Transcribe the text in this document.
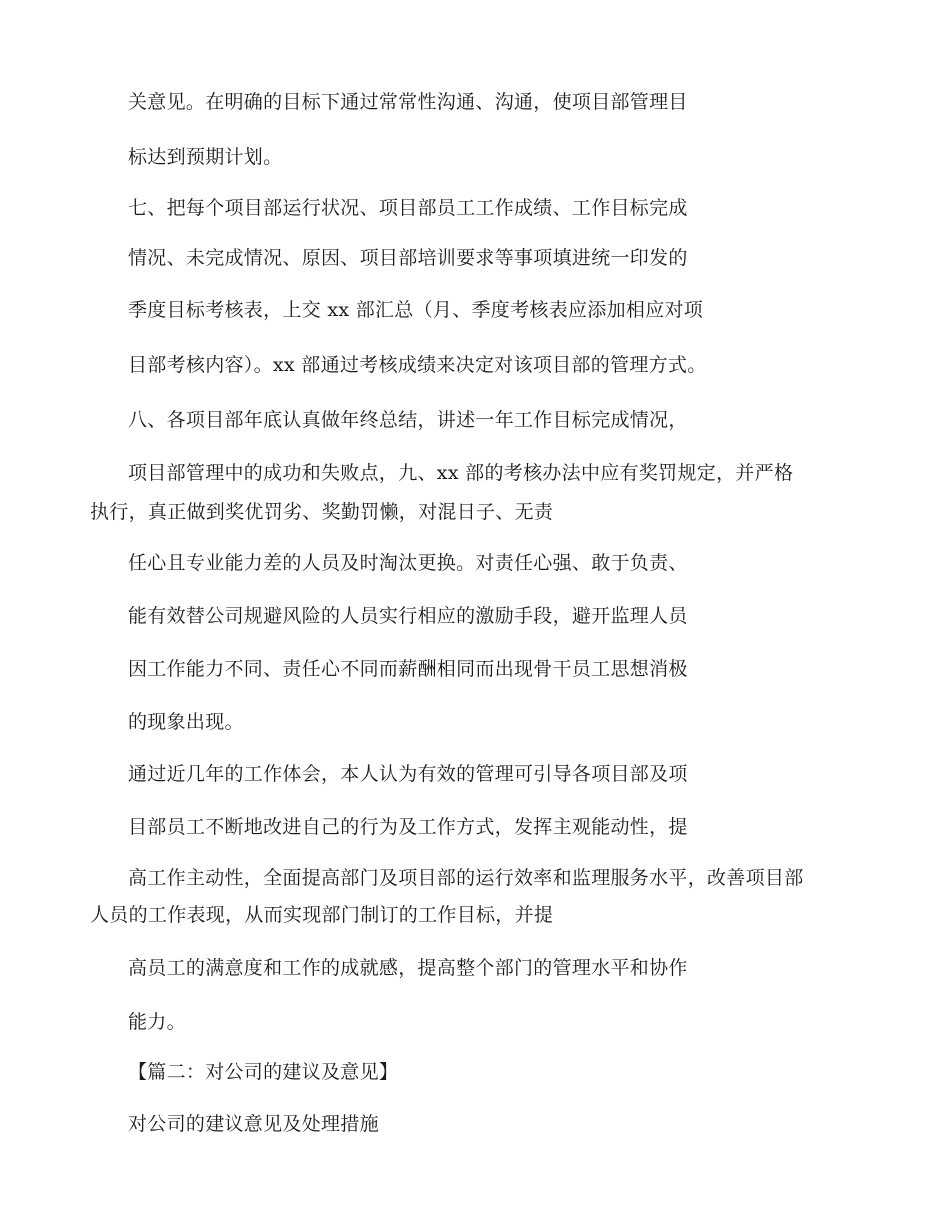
关意见。在明确的目标下通过常常性沟通、沟通，使项目部管理目
标达到预期计划。
七、把每个项目部运行状况、项目部员工工作成绩、工作目标完成
情况、未完成情况、原因、项目部培训要求等事项填进统一印发的
季度目标考核表，上交 xx 部汇总（月、季度考核表应添加相应对项
目部考核内容）。xx 部通过考核成绩来决定对该项目部的管理方式。
八、各项目部年底认真做年终总结，讲述一年工作目标完成情况，
项目部管理中的成功和失败点，九、xx 部的考核办法中应有奖罚规定，并严格
执行，真正做到奖优罚劣、奖勤罚懒，对混日子、无责
任心且专业能力差的人员及时淘汰更换。对责任心强、敢于负责、
能有效替公司规避风险的人员实行相应的激励手段，避开监理人员
因工作能力不同、责任心不同而薪酬相同而出现骨干员工思想消极
的现象出现。
通过近几年的工作体会，本人认为有效的管理可引导各项目部及项
目部员工不断地改进自己的行为及工作方式，发挥主观能动性，提
高工作主动性，全面提高部门及项目部的运行效率和监理服务水平，改善项目部
人员的工作表现，从而实现部门制订的工作目标，并提
高员工的满意度和工作的成就感，提高整个部门的管理水平和协作
能力。
【篇二：对公司的建议及意见】
对公司的建议意见及处理措施
